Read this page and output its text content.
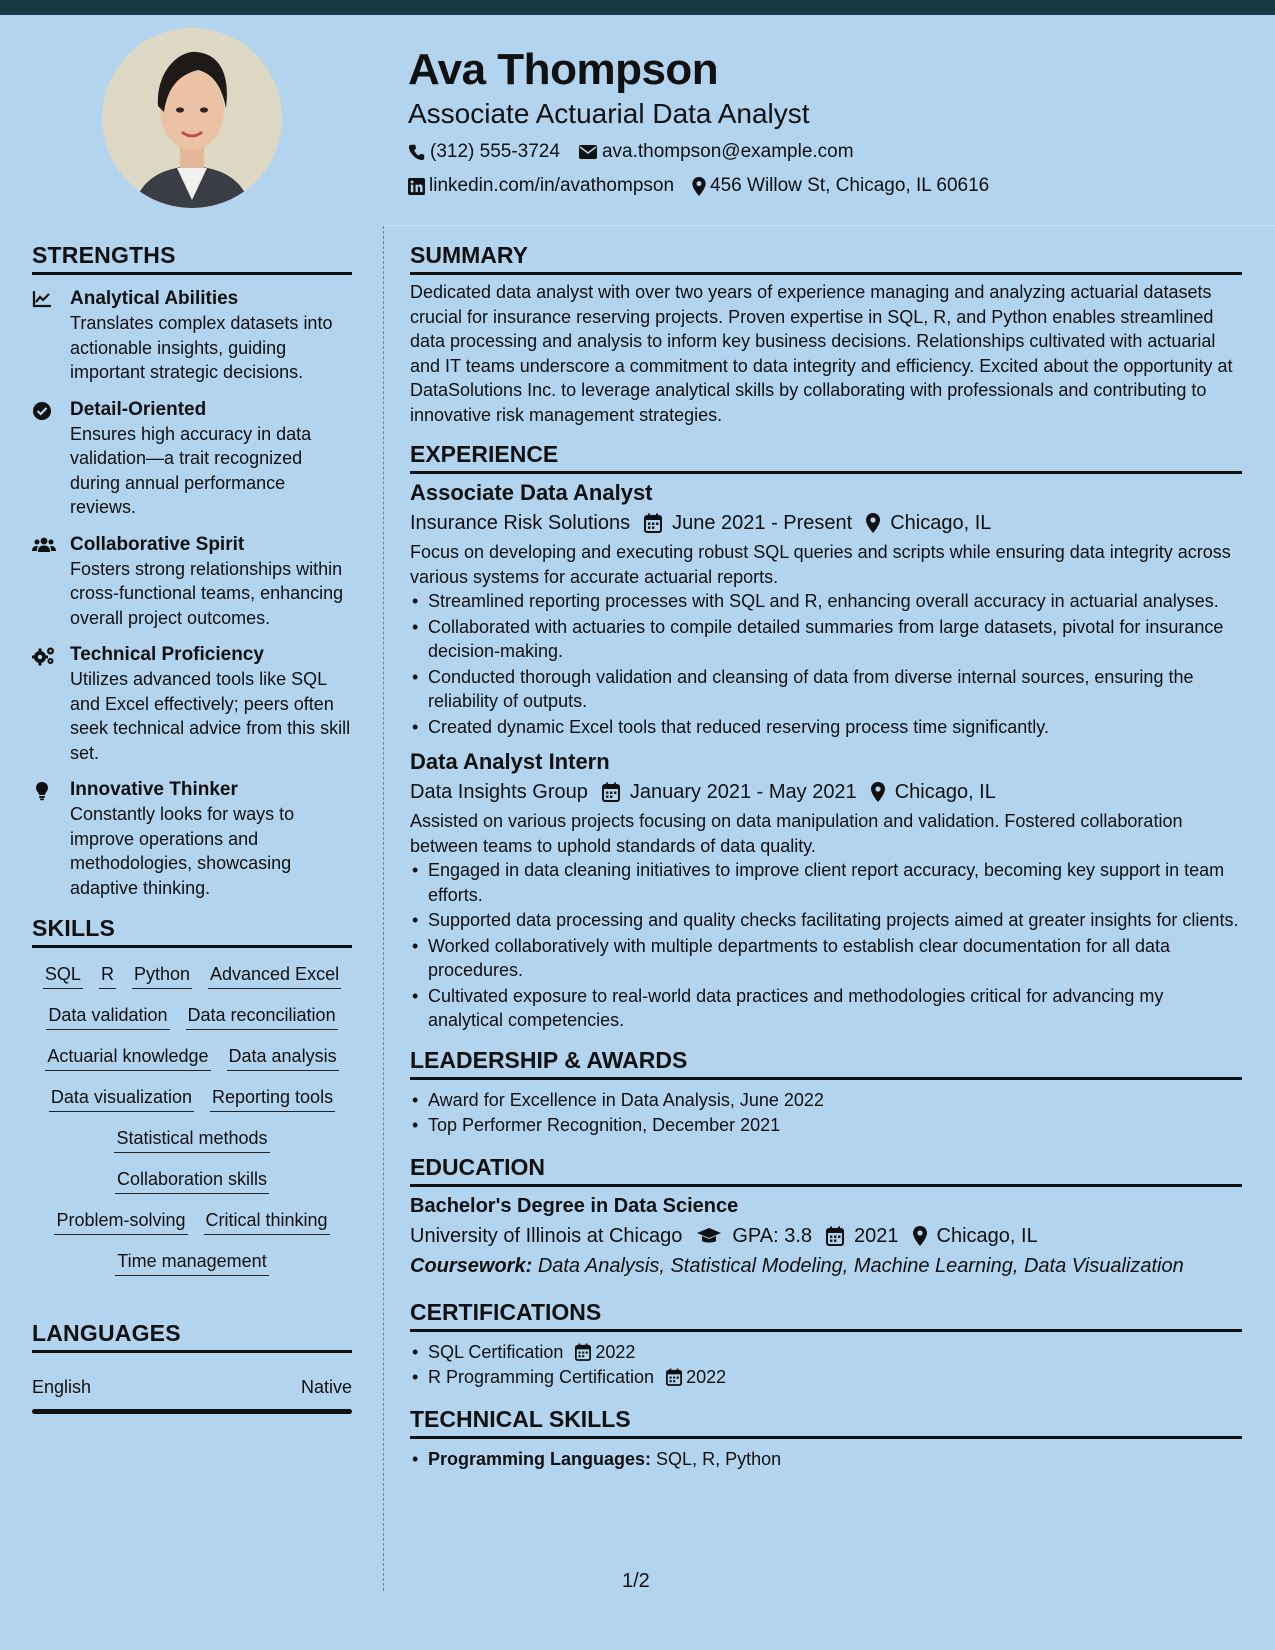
Ava Thompson
Associate Actuarial Data Analyst
(312) 555-3724 ava.thompson@example.com
linkedin.com/in/avathompson 456 Willow St, Chicago, IL 60616
STRENGTHS
Analytical Abilities
Translates complex datasets into actionable insights, guiding important strategic decisions.
Detail-Oriented
Ensures high accuracy in data validation—a trait recognized during annual performance reviews.
Collaborative Spirit
Fosters strong relationships within cross-functional teams, enhancing overall project outcomes.
Technical Proficiency
Utilizes advanced tools like SQL and Excel effectively; peers often seek technical advice from this skill set.
Innovative Thinker
Constantly looks for ways to improve operations and methodologies, showcasing adaptive thinking.
SKILLS
SQL R Python Advanced Excel
Data validation Data reconciliation
Actuarial knowledge Data analysis
Data visualization Reporting tools
Statistical methods
Collaboration skills
Problem-solving Critical thinking
Time management
LANGUAGES
English	Native
SUMMARY
Dedicated data analyst with over two years of experience managing and analyzing actuarial datasets crucial for insurance reserving projects. Proven expertise in SQL, R, and Python enables streamlined data processing and analysis to inform key business decisions. Relationships cultivated with actuarial and IT teams underscore a commitment to data integrity and efficiency. Excited about the opportunity at DataSolutions Inc. to leverage analytical skills by collaborating with professionals and contributing to innovative risk management strategies.
EXPERIENCE
Associate Data Analyst
Insurance Risk Solutions June 2021 - Present Chicago, IL
Focus on developing and executing robust SQL queries and scripts while ensuring data integrity across various systems for accurate actuarial reports.
• Streamlined reporting processes with SQL and R, enhancing overall accuracy in actuarial analyses.
• Collaborated with actuaries to compile detailed summaries from large datasets, pivotal for insurance decision-making.
• Conducted thorough validation and cleansing of data from diverse internal sources, ensuring the reliability of outputs.
• Created dynamic Excel tools that reduced reserving process time significantly.
Data Analyst Intern
Data Insights Group January 2021 - May 2021 Chicago, IL
Assisted on various projects focusing on data manipulation and validation. Fostered collaboration between teams to uphold standards of data quality.
• Engaged in data cleaning initiatives to improve client report accuracy, becoming key support in team efforts.
• Supported data processing and quality checks facilitating projects aimed at greater insights for clients.
• Worked collaboratively with multiple departments to establish clear documentation for all data procedures.
• Cultivated exposure to real-world data practices and methodologies critical for advancing my analytical competencies.
LEADERSHIP & AWARDS
• Award for Excellence in Data Analysis, June 2022
• Top Performer Recognition, December 2021
EDUCATION
Bachelor's Degree in Data Science
University of Illinois at Chicago	GPA: 3.8 2021 Chicago, IL
Coursework: Data Analysis, Statistical Modeling, Machine Learning, Data Visualization
CERTIFICATIONS
• SQL Certification 2022
• R Programming Certification 2022
TECHNICAL SKILLS
• Programming Languages: SQL, R, Python
1/2
